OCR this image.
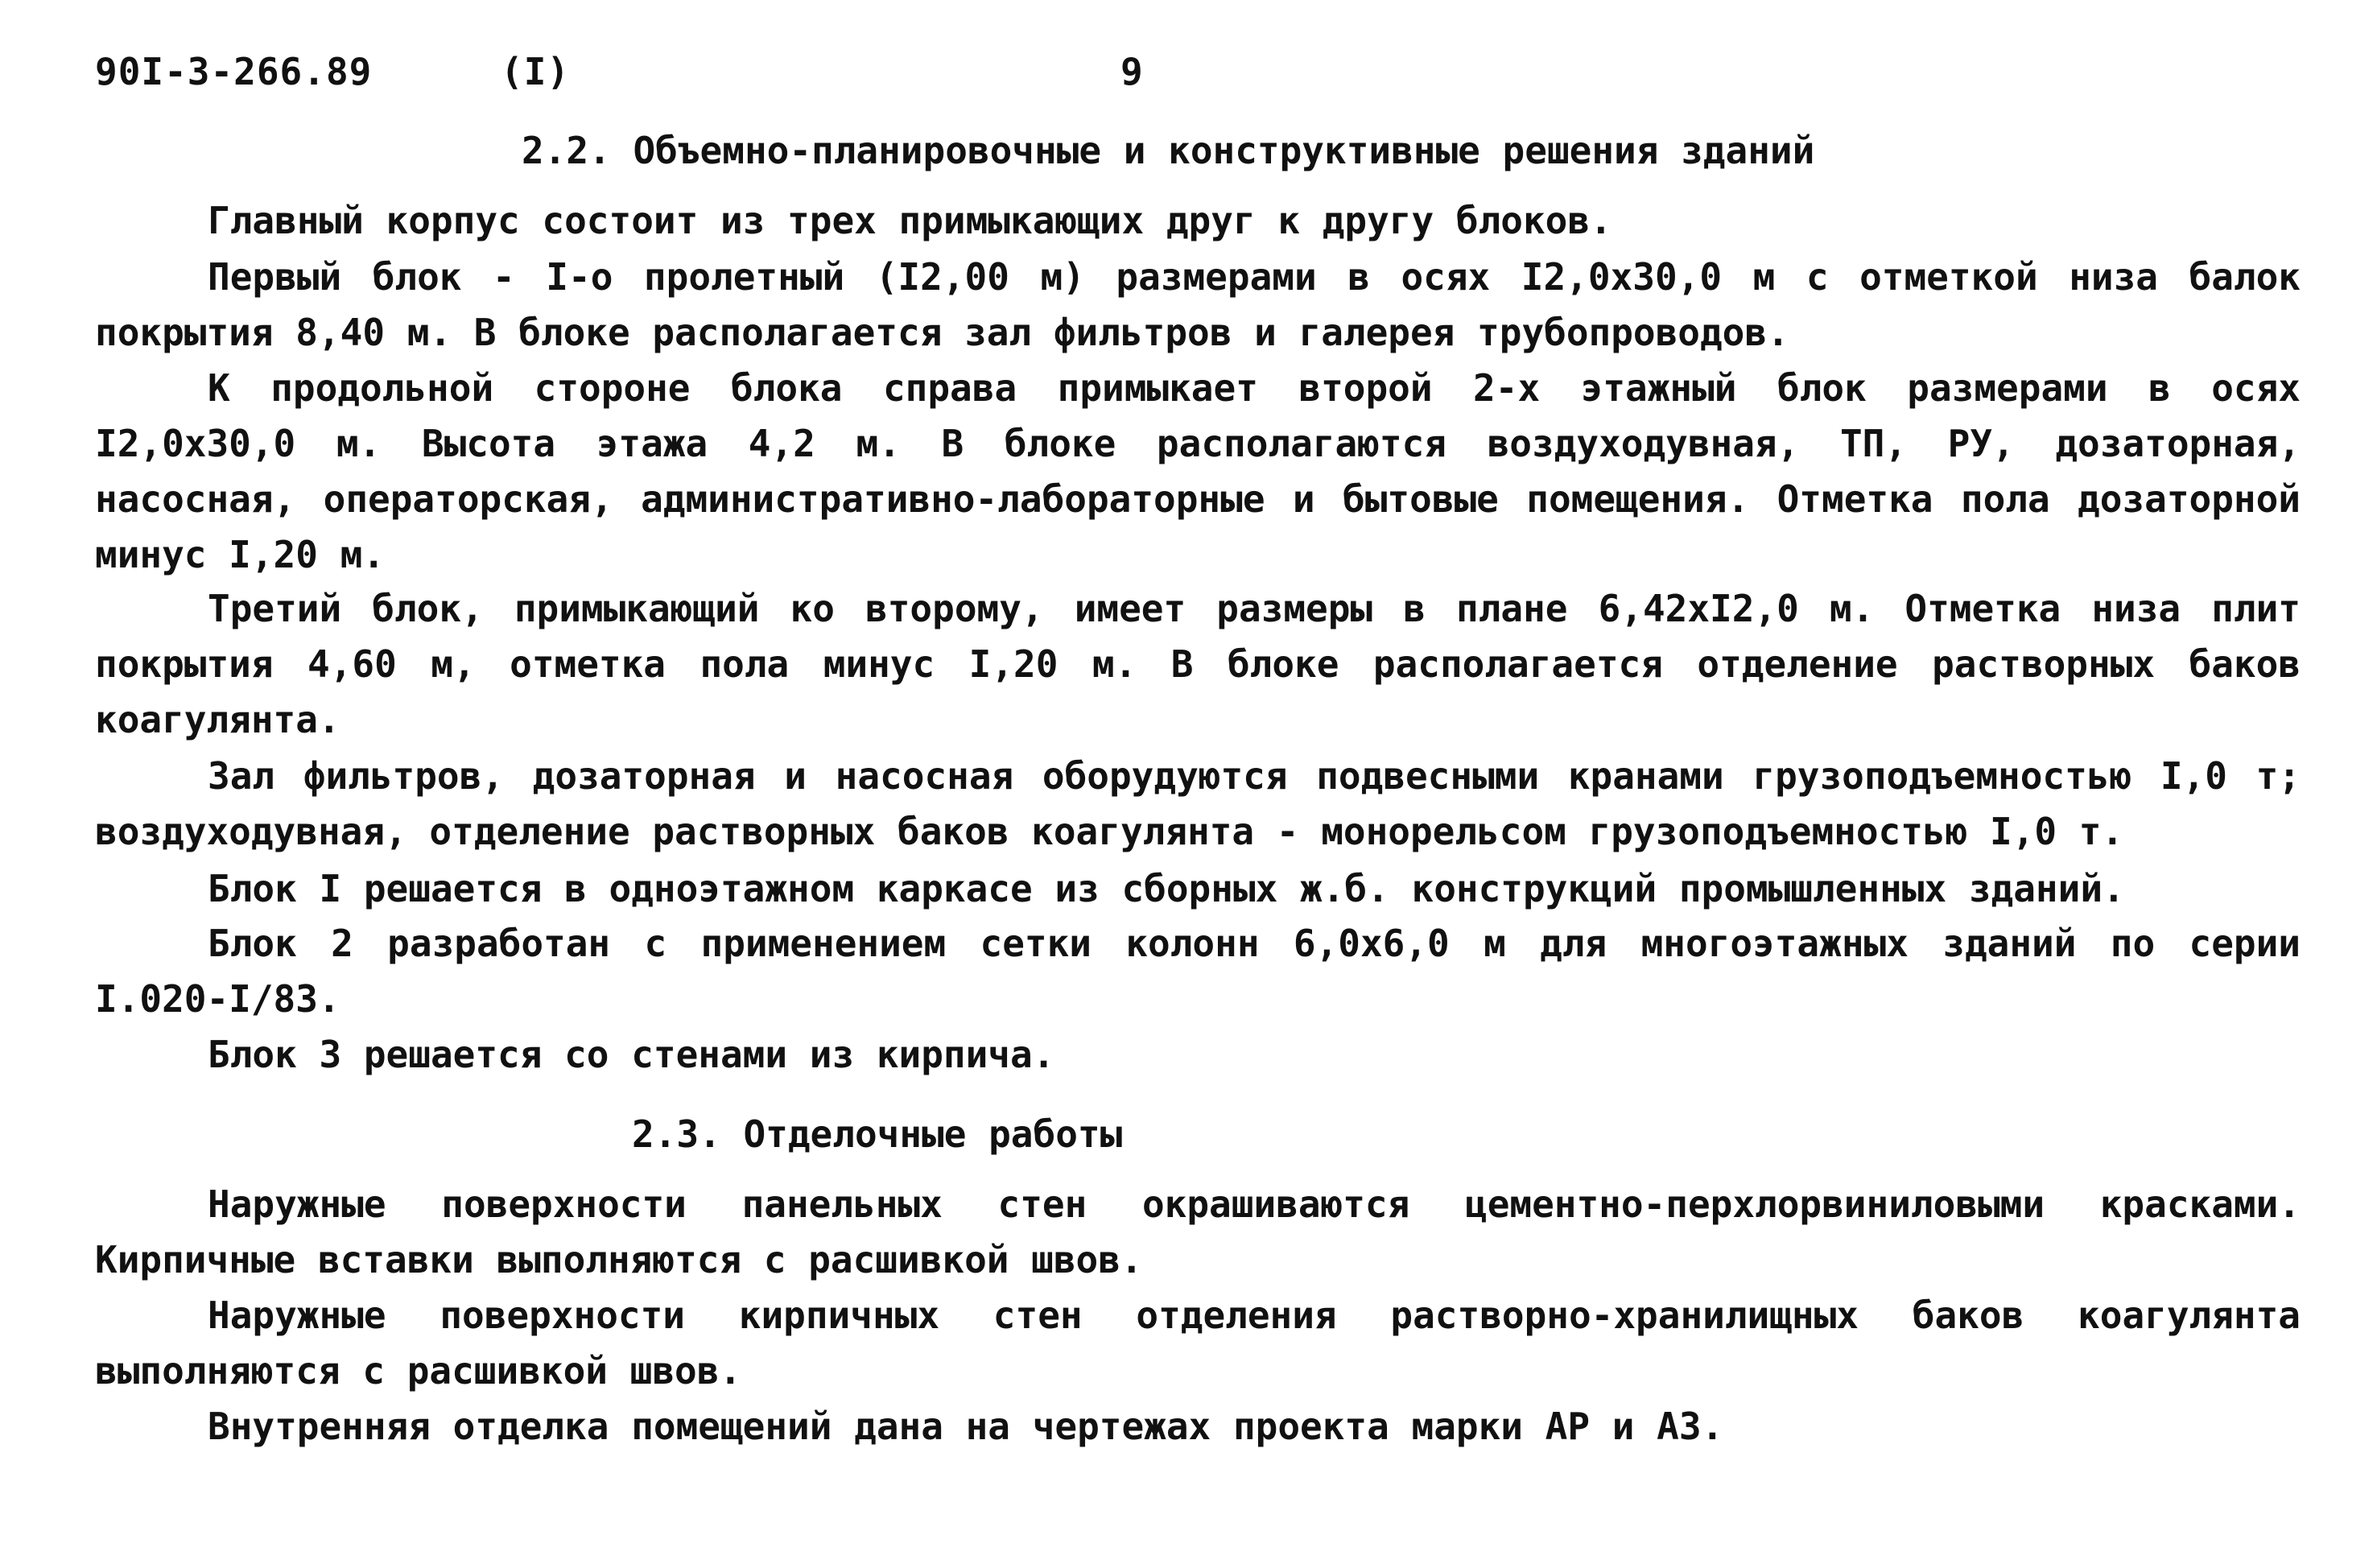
90I-3-266.89	(I)	9
2.2. Объемно-планировочные и конструктивные решения зданий

Главный корпус состоит из трех примыкающих друг к другу блоков.

Первый блок - I-о пролетный (I2,00 м) размерами в осях I2,0х30,0 м с отметкой низа балок покрытия 8,40 м. В блоке располагается зал фильтров и галерея трубопроводов.

К продольной стороне блока справа примыкает второй 2-х этажный блок размерами в осях I2,0х30,0 м. Высота этажа 4,2 м. В блоке располагаются воздуходувная, ТП, РУ, дозаторная, насосная, операторская, административно-лабораторные и бытовые помещения. Отметка пола дозаторной минус I,20 м.

Третий блок, примыкающий ко второму, имеет размеры в плане 6,42хI2,0 м. Отметка низа плит покрытия 4,60 м, отметка пола минус I,20 м. В блоке располагается отделение растворных баков коагулянта.

Зал фильтров, дозаторная и насосная оборудуются подвесными кранами грузоподъемностью I,0 т; воздуходувная, отделение растворных баков коагулянта - монорельсом грузоподъемностью I,0 т.

Блок I решается в одноэтажном каркасе из сборных ж.б. конструкций промышленных зданий.

Блок 2 разработан с применением сетки колонн 6,0х6,0 м для многоэтажных зданий по серии I.020-I/83.

Блок 3 решается со стенами из кирпича.

2.3. Отделочные работы

Наружные поверхности панельных стен окрашиваются цементно-перхлорвиниловыми красками. Кирпичные вставки выполняются с расшивкой швов.

Наружные поверхности кирпичных стен отделения растворно-хранилищных баков коагулянта выполняются с расшивкой швов.

Внутренняя отделка помещений дана на чертежах проекта марки АР и АЗ.
